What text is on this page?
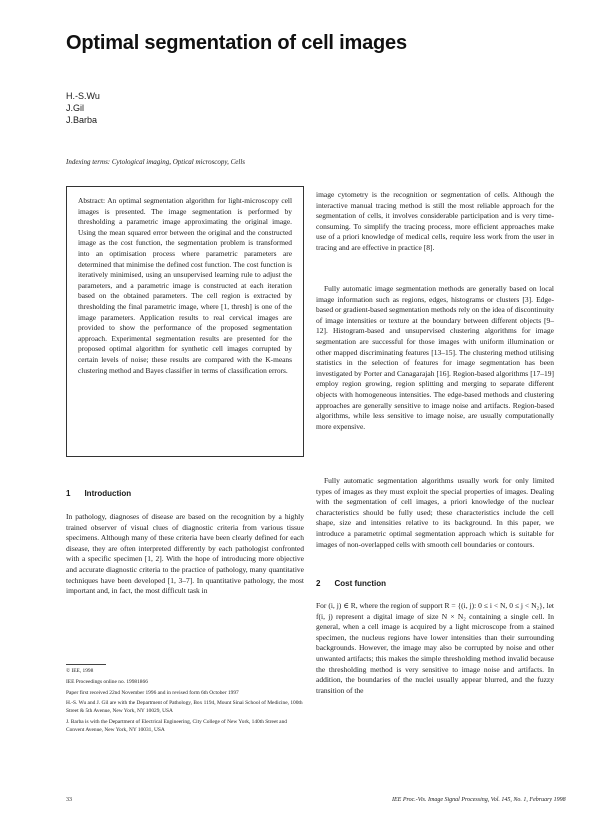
Optimal segmentation of cell images
H.-S.Wu
J.Gil
J.Barba
Indexing terms: Cytological imaging, Optical microscopy, Cells
Abstract: An optimal segmentation algorithm for light-microscopy cell images is presented. The image segmentation is performed by thresholding a parametric image approximating the original image. Using the mean squared error between the original and the constructed image as the cost function, the segmentation problem is transformed into an optimisation process where parametric parameters are determined that minimise the defined cost function. The cost function is iteratively minimised, using an unsupervised learning rule to adjust the parameters, and a parametric image is constructed at each iteration based on the obtained parameters. The cell region is extracted by thresholding the final parametric image, where [1, thresh] is one of the image parameters. Application results to real cervical images are provided to show the performance of the proposed segmentation approach. Experimental segmentation results are presented for the proposed optimal algorithm for synthetic cell images corrupted by certain levels of noise; these results are compared with the K-means clustering method and Bayes classifier in terms of classification errors.
1 Introduction

In pathology, diagnoses of disease are based on the recognition by a highly trained observer of visual clues of diagnostic criteria from various tissue specimens. Although many of these criteria have been clearly defined for each disease, they are often interpreted differently by each pathologist confronted with a specific specimen [1, 2]. With the hope of introducing more objective and accurate diagnostic criteria to the practice of pathology, many quantitative techniques have been developed [1, 3–7]. In quantitative pathology, the most important and, in fact, the most difficult task in

© IEE, 1998

IEE Proceedings online no. 19981866

Paper first received 22nd November 1996 and in revised form 6th October 1997

H.-S. Wu and J. Gil are with the Department of Pathology, Box 1194, Mount Sinai School of Medicine, 100th Street & 5th Avenue, New York, NY 10029, USA

J. Barba is with the Department of Electrical Engineering, City College of New York, 140th Street and Convent Avenue, New York, NY 10031, USA

33

image cytometry is the recognition or segmentation of cells. Although the interactive manual tracing method is still the most reliable approach for the segmentation of cells, it involves considerable participation and is very time-consuming. To simplify the tracing process, more efficient approaches make use of a priori knowledge of medical cells, require less work from the user in tracing and are effective in practice [8].

Fully automatic image segmentation methods are generally based on local image information such as regions, edges, histograms or clusters [3]. Edge-based or gradient-based segmentation methods rely on the idea of discontinuity of image intensities or texture at the boundary between different objects [9–12]. Histogram-based and unsupervised clustering algorithms for image segmentation are successful for those images with uniform illumination or other mapped discriminating features [13–15]. The clustering method utilising statistics in the selection of features for image segmentation has been investigated by Porter and Canagarajah [16]. Region-based algorithms [17–19] employ region growing, region splitting and merging to separate different objects with homogeneous intensities. The edge-based methods and clustering approaches are generally sensitive to image noise and artifacts. Region-based algorithms, while less sensitive to image noise, are usually computationally more expensive.

Fully automatic segmentation algorithms usually work for only limited types of images as they must exploit the special properties of images. Dealing with the segmentation of cell images, a priori knowledge of the nuclear characteristics should be fully used; these characteristics include the cell shape, size and intensities relative to its background. In this paper, we introduce a parametric optimal segmentation approach which is suitable for images of non-overlapped cells with smooth cell boundaries or contours.

2 Cost function

For (i, j) ∈ R, where the region of support R = {(i, j): 0 ≤ i < N, 0 ≤ j < N₂}, let f(i, j) represent a digital image of size N × N₂ containing a single cell. In general, when a cell image is acquired by a light microscope from a stained specimen, the nucleus regions have lower intensities than their surrounding backgrounds. However, the image may also be corrupted by noise and other unwanted artifacts; this makes the simple thresholding method invalid because the thresholding method is very sensitive to image noise and artifacts. In addition, the boundaries of the nuclei usually appear blurred, and the fuzzy transition of the

IEE Proc.-Vis. Image Signal Processing, Vol. 145, No. 1, February 1998
